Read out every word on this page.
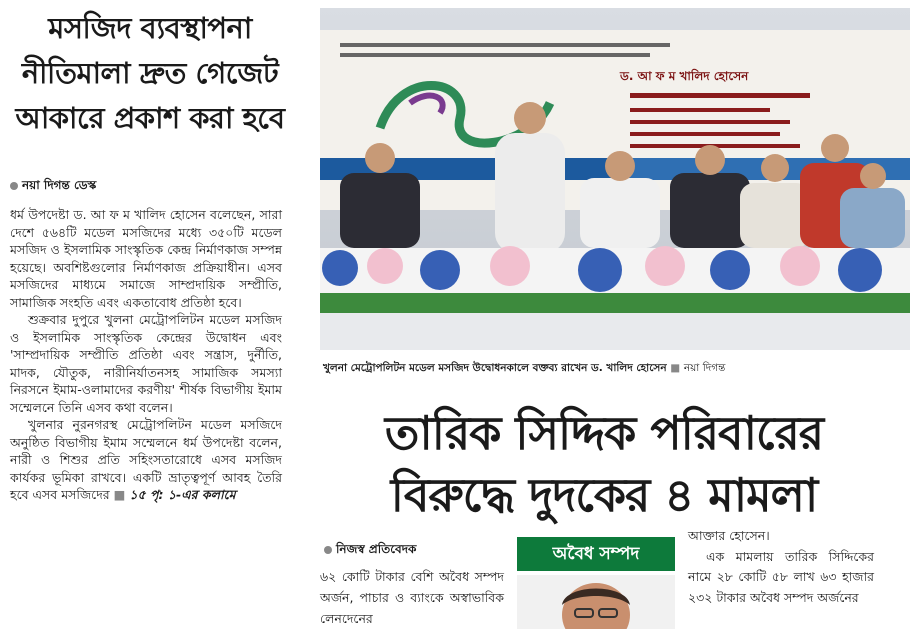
মসজিদ ব্যবস্থাপনা
নীতিমালা দ্রুত গেজেট
আকারে প্রকাশ করা হবে
নয়া দিগন্ত ডেস্ক

ধর্ম উপদেষ্টা ড. আ ফ ম খালিদ হোসেন বলেছেন, সারা দেশে ৫৬৪টি মডেল মসজিদের মধ্যে ৩৫০টি মডেল মসজিদ ও ইসলামিক সাংস্কৃতিক কেন্দ্র নির্মাণকাজ সম্পন্ন হয়েছে। অবশিষ্টগুলোর নির্মাণকাজ প্রক্রিয়াধীন। এসব মসজিদের মাধ্যমে সমাজে সাম্প্রদায়িক সম্প্রীতি, সামাজিক সংহতি এবং একতাবোধ প্রতিষ্ঠা হবে।

শুক্রবার দুপুরে খুলনা মেট্রোপলিটন মডেল মসজিদ ও ইসলামিক সাংস্কৃতিক কেন্দ্রের উদ্বোধন এবং 'সাম্প্রদায়িক সম্প্রীতি প্রতিষ্ঠা এবং সন্ত্রাস, দুর্নীতি, মাদক, যৌতুক, নারীনির্যাতনসহ সামাজিক সমস্যা নিরসনে ইমাম-ওলামাদের করণীয়' শীর্ষক বিভাগীয় ইমাম সম্মেলনে তিনি এসব কথা বলেন।

খুলনার নুরনগরস্থ মেট্রোপলিটন মডেল মসজিদে অনুষ্ঠিত বিভাগীয় ইমাম সম্মেলনে ধর্ম উপদেষ্টা বলেন, নারী ও শিশুর প্রতি সহিংসতারোধে এসব মসজিদ কার্যকর ভূমিকা রাখবে। একটি ভ্রাতৃত্বপূর্ণ আবহ তৈরি হবে এসব মসজিদের ■ ১৫ পৃ: ১-এর কলামে

ড. আ ফ ম খালিদ হোসেন
খুলনা মেট্রোপলিটন মডেল মসজিদ উদ্বোধনকালে বক্তব্য রাখেন ড. খালিদ হোসেন ■ নয়া দিগন্ত
তারিক সিদ্দিক পরিবারের
বিরুদ্ধে দুদকের ৪ মামলা
নিজস্ব প্রতিবেদক
৬২ কোটি টাকার বেশি অবৈধ সম্পদ অর্জন, পাচার ও ব্যাংকে অস্বাভাবিক লেনদেনের
অবৈধ সম্পদ

আক্তার হোসেন।

এক মামলায় তারিক সিদ্দিকের নামে ২৮ কোটি ৫৮ লাখ ৬৩ হাজার ২৩২ টাকার অবৈধ সম্পদ অর্জনের
